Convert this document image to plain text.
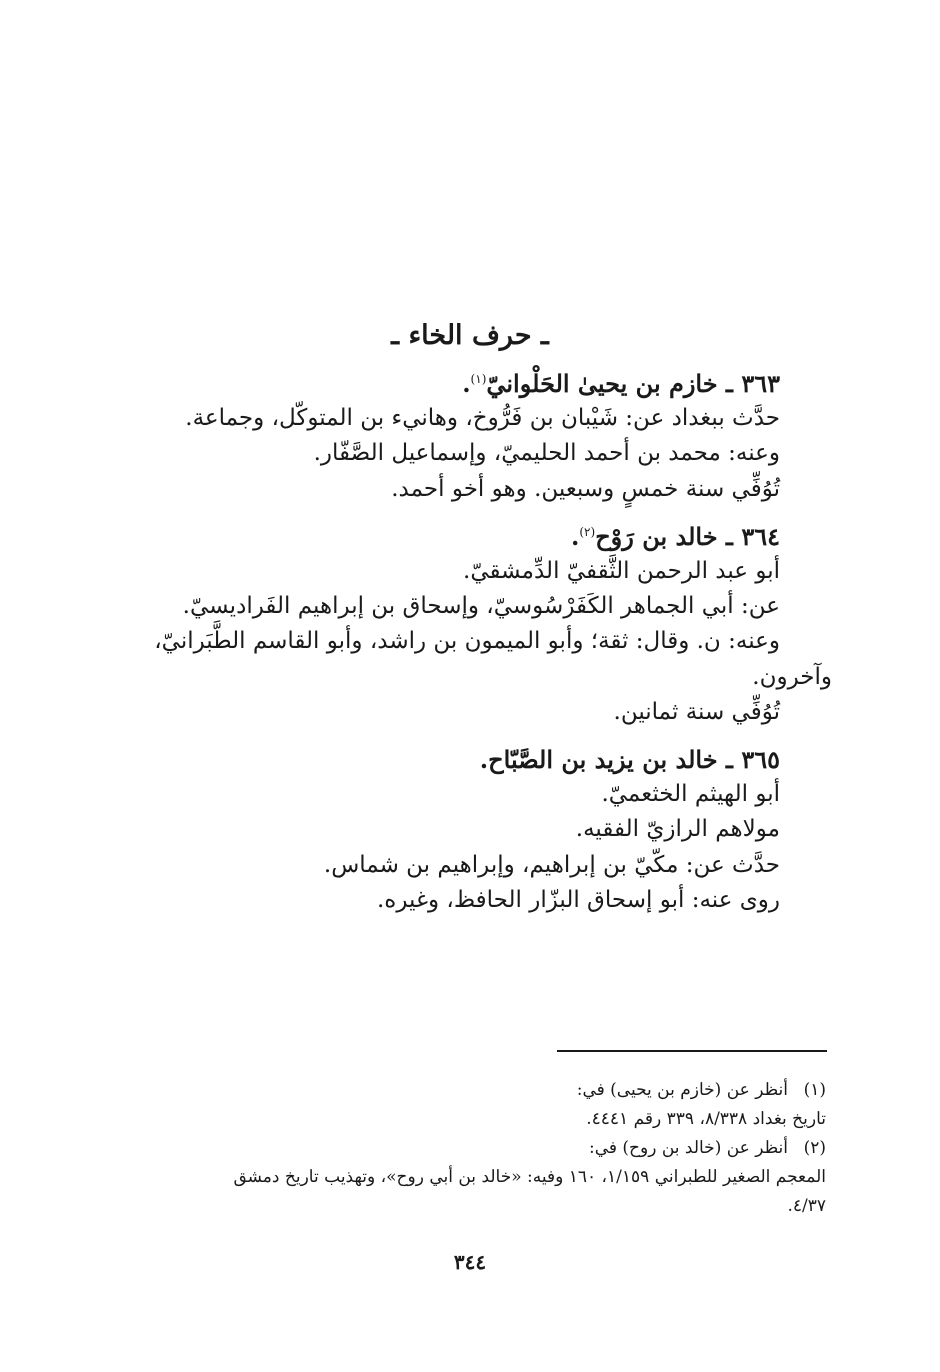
ـ حرف الخاء ـ
٣٦٣ ـ خازم بن يحيىٰ الحَلْوانيّ$^{(١)}$.
حدَّث ببغداد عن: شَيْبان بن فَرُّوخ، وهانيء بن المتوكّل، وجماعة.
وعنه: محمد بن أحمد الحليميّ، وإسماعيل الصَّفّار.
تُوُفِّي سنة خمسٍ وسبعين. وهو أخو أحمد.
٣٦٤ ـ خالد بن رَوْح$^{(٢)}$.
أبو عبد الرحمن الثَّقفيّ الدِّمشقيّ.
عن: أبي الجماهر الكَفَرْسُوسيّ، وإسحاق بن إبراهيم الفَراديسيّ.
وعنه: ن. وقال: ثقة؛ وأبو الميمون بن راشد، وأبو القاسم الطَّبَرانيّ،
وآخرون.
تُوُفِّي سنة ثمانين.
٣٦٥ ـ خالد بن يزيد بن الصَّبّاح.
أبو الهيثم الخثعميّ.
مولاهم الرازيّ الفقيه.
حدَّث عن: مكّيّ بن إبراهيم، وإبراهيم بن شماس.
روى عنه: أبو إسحاق البزّار الحافظ، وغيره.
(١)أنظر عن (خازم بن يحيى) في:
تاريخ بغداد ٨/٣٣٨، ٣٣٩ رقم ٤٤٤١.
(٢)أنظر عن (خالد بن روح) في:
المعجم الصغير للطبراني ١/١٥٩، ١٦٠ وفيه: «خالد بن أبي روح»، وتهذيب تاريخ دمشق
٤/٣٧.
٣٤٤
